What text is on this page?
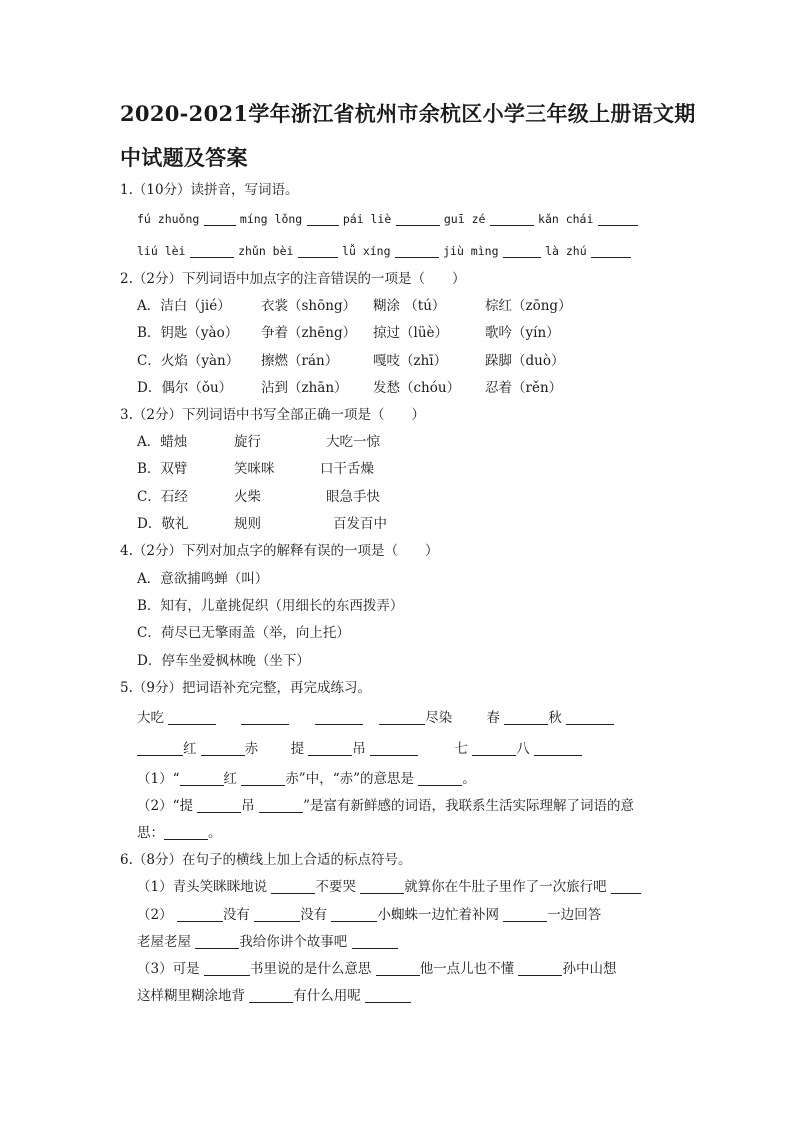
2020-2021学年浙江省杭州市余杭区小学三年级上册语文期
中试题及答案
1.（10分）读拼音，写词语。
fú zhuǒng	míng lǒng	pái liè	guī zé	kǎn chái
liú lèi	zhǔn bèi	lǚ xíng	jiù mìng	là zhú
2.（2分）下列词语中加点字的注音错误的一项是（　　）
A．洁白（jié） 衣裳（shōng） 糊涂 （tú）	棕红（zōng）
B．钥匙（yào） 争着（zhēng） 掠过（lüè）	歌吟（yín）
C．火焰（yàn） 擦燃（rán）	嘎吱（zhī）	跺脚（duò）
D．偶尔（ǒu） 沾到（zhān） 发愁（chóu） 忍着（rěn）
3.（2分）下列词语中书写全部正确一项是（　　）
A．蜡烛	旋行	大吃一惊
B．双臂	笑咪咪	口干舌燥
C．石经	火柴	眼急手快
D．敬礼	规则	百发百中
4.（2分）下列对加点字的解释有误的一项是（　　）
A．意欲捕鸣蝉（叫）
B．知有，儿童挑促织（用细长的东西拨弄）
C．荷尽已无擎雨盖（举，向上托）
D．停车坐爱枫林晚（坐下）
5.（9分）把词语补充完整，再完成练习。
大吃	尽染	春	秋
红	赤 提	吊	七	八
（1）“	红	赤”中，“赤”的意思是	。
（2）“提	吊	”是富有新鲜感的词语，我联系生活实际理解了词语的意
思：	。
6.（8分）在句子的横线上加上合适的标点符号。
（1）青头笑眯眯地说	不要哭	就算你在牛肚子里作了一次旅行吧
（2）	没有	没有	小蜘蛛一边忙着补网	一边回答
老屋老屋	我给你讲个故事吧
（3）可是	书里说的是什么意思	他一点儿也不懂	孙中山想
这样糊里糊涂地背	有什么用呢
